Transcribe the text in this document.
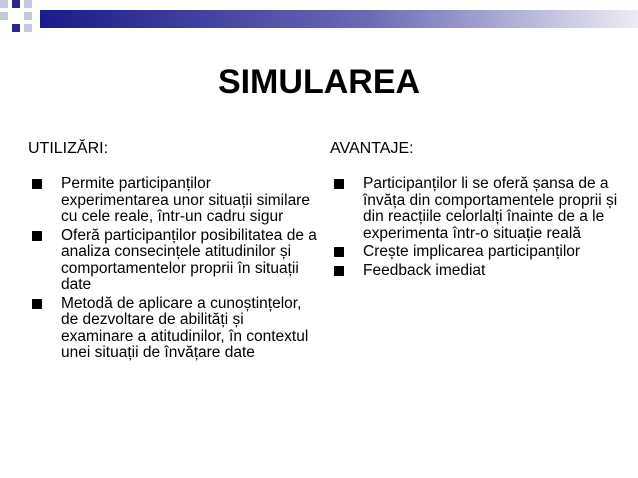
SIMULAREA

UTILIZĂRI:

Permite participanților experimentarea unor situații similare cu cele reale, într-un cadru sigur
Oferă participanților posibilitatea de a analiza consecințele atitudinilor și comportamentelor proprii în situații date
Metodă de aplicare a cunoștințelor, de dezvoltare de abilități și examinare a atitudinilor, în contextul unei situații de învățare date

AVANTAJE:

Participanților li se oferă șansa de a învăța din comportamentele proprii și din reacțiile celorlalți înainte de a le experimenta într-o situație reală
Crește implicarea participanților
Feedback imediat
